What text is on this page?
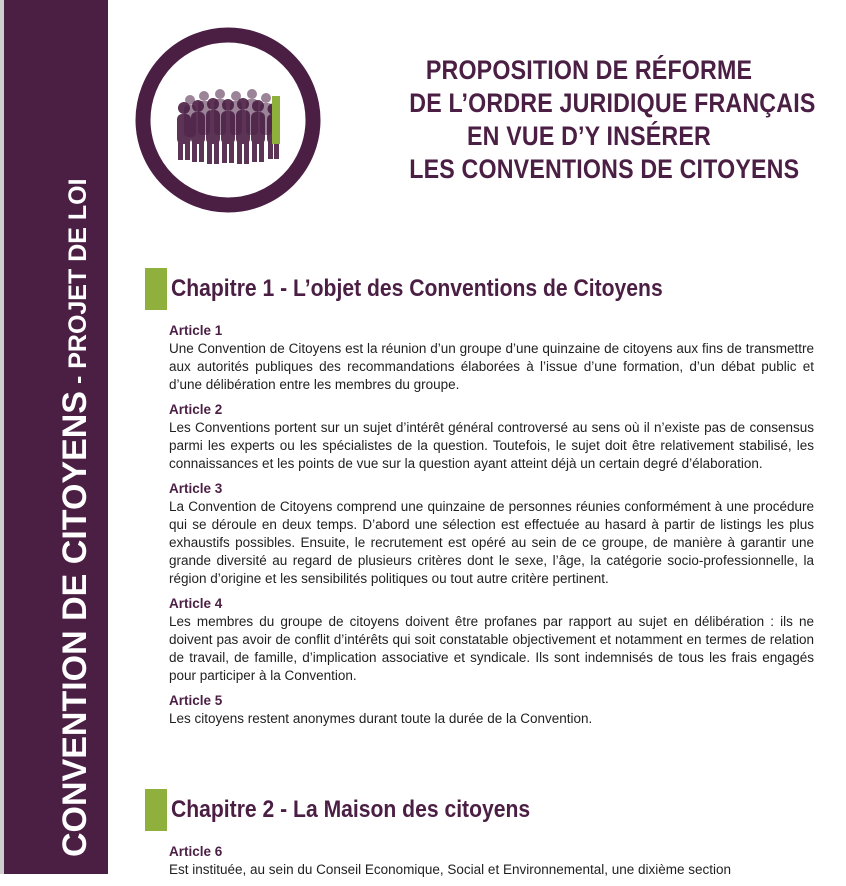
CONVENTION DE CITOYENS - PROJET DE LOI
PROPOSITION DE RÉFORME
DE L’ORDRE JURIDIQUE FRANÇAIS
EN VUE D’Y INSÉRER
LES CONVENTIONS DE CITOYENS
Chapitre 1 - L’objet des Conventions de Citoyens
Article 1
Une Convention de Citoyens est la réunion d’un groupe d’une quinzaine de citoyens aux fins de transmettre aux autorités publiques des recommandations élaborées à l’issue d’une formation, d’un débat public et d’une délibération entre les membres du groupe.
Article 2
Les Conventions portent sur un sujet d’intérêt général controversé au sens où il n’existe pas de consensus parmi les experts ou les spécialistes de la question. Toutefois, le sujet doit être relativement stabilisé, les connaissances et les points de vue sur la question ayant atteint déjà un certain degré d’élaboration.
Article 3
La Convention de Citoyens comprend une quinzaine de personnes réunies conformément à une procédure qui se déroule en deux temps. D’abord une sélection est effectuée au hasard à partir de listings les plus exhaustifs possibles. Ensuite, le recrutement est opéré au sein de ce groupe, de manière à garantir une grande diversité au regard de plusieurs critères dont le sexe, l’âge, la catégorie socio-professionnelle, la région d’origine et les sensibilités politiques ou tout autre critère pertinent.
Article 4
Les membres du groupe de citoyens doivent être profanes par rapport au sujet en délibération : ils ne doivent pas avoir de conflit d’intérêts qui soit constatable objectivement et notamment en termes de relation de travail, de famille, d’implication associative et syndicale. Ils sont indemnisés de tous les frais engagés pour participer à la Convention.
Article 5
Les citoyens restent anonymes durant toute la durée de la Convention.
Chapitre 2 - La Maison des citoyens
Article 6
Est instituée, au sein du Conseil Economique, Social et Environnemental, une dixième section
